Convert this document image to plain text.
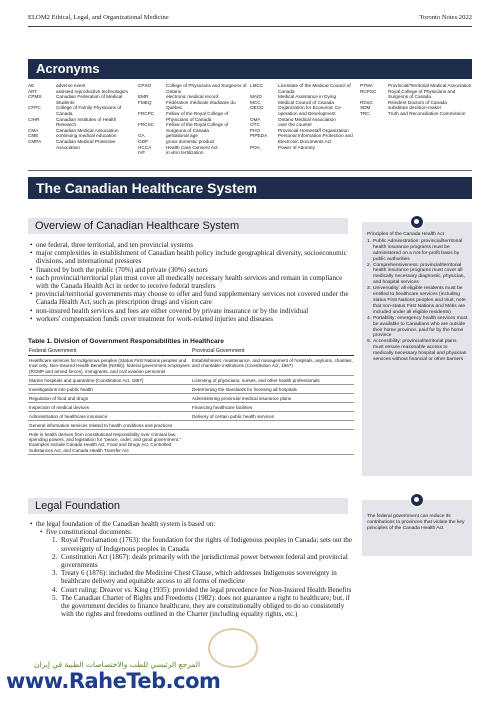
ELOM2 Ethical, Legal, and Organizational Medicine	Toronto Notes 2022
Acronyms
AE	adverse event
ART	assisted reproductive technologies
CPMS	Canadian Federation of Medical Students
CFPC	College of Family Physicians of Canada
CIHR	Canadian Institutes of Health Research
CMA	Canadian Medical Association
CME	continuing medical education
CMPA	Canadian Medical Protective Association
CPSO	College of Physicians and Surgeons of Ontario
EMR	electronic medical record
FMEQ	Fédération médicale étudiante du Québec
FRCPC	Fellow of the Royal College of Physicians of Canada
FRCSC	Fellow of the Royal College of Surgeons of Canada
GA	gestational age
GDP	gross domestic product
HCCA	Health Care Consent Act
IVF	in vitro fertilization
LMCC	Licentiate of the Medical Council of Canada
MAID	Medical Assistance in Dying
MCC	Medical Council of Canada
OECD	Organization for Economic Co-operation and Development
OMA	Ontario Medical Association
OTC	over the counter
PHO	Provincial Homestaff Organization
PIPEDA	Personal Information Protection and Electronic Documents Act
POA	Power of Attorney
PTMA	Provincial/Territorial Medical Association
RCPSC	Royal College of Physicians and Surgeons of Canada
RDoC	Resident Doctors of Canada
SDM	substitute decision-maker
TRC	Truth and Reconciliation Commission
The Canadian Healthcare System
Overview of Canadian Healthcare System
• one federal, three territorial, and ten provincial systems
• major complexities in establishment of Canadian health policy include geographical diversity, socioeconomic divisions, and international pressures
• financed by both the public (70%) and private (30%) sectors
• each provincial/territorial plan must cover all medically necessary health services and remain in compliance with the Canada Health Act in order to receive federal transfers
• provincial/territorial governments may choose to offer and fund supplementary services not covered under the Canada Health Act, such as prescription drugs and vision care
• non-insured health services and fees are either covered by private insurance or by the individual
• workers' compensation funds cover treatment for work-related injuries and diseases
Table 1. Division of Government Responsibilities in Healthcare
Federal Government	Provincial Government
Healthcare services for Indigenous peoples (Status First Nations peoples and Inuit only. Non-Insured Health Benefits (NIHB)), federal government employees (RCMP and armed forces), immigrants, and civil aviation personnel	Establishment, maintenance, and management of hospitals, asylums, charities, and charitable institutions (Constitution Act, 1867)
Marine hospitals and quarantine (Constitution Act, 1867)	Licensing of physicians, nurses, and other health professionals
Investigations into public health	Determining the standards for licensing all hospitals
Regulation of food and drugs	Administering provincial medical insurance plans
Inspection of medical devices	Financing healthcare facilities
Administration of healthcare insurance	Delivery of certain public health services
General information services related to health conditions and practices	
Role in health derives from constitutional responsibility over criminal law, spending powers, and legislation for "peace, order, and good government." Examples include Canada Health Act, Food and Drugs Act, Controlled Substances Act, and Canada Health Transfer Act	
Principles of the Canada Health Act
1. Public Administration: provincial/territorial health insurance programs must be administered on a not-for-profit basis by public authorities
2. Comprehensiveness: provincial/territorial health insurance programs must cover all medically necessary diagnostic, physician, and hospital services
3. Universality: all eligible residents must be entitled to healthcare services (including status First Nations peoples and Inuit; note that non-status First Nations and Métis are included under all eligible residents)
4. Portability: emergency health services must be available to Canadians who are outside their home province, paid for by the home province
5. Accessibility: provincial/territorial plans must ensure reasonable access to medically necessary hospital and physician services without financial or other barriers
Legal Foundation
• the legal foundation of the Canadian health system is based on:
• five constitutional documents:
1. Royal Proclamation (1763): the foundation for the rights of Indigenous peoples in Canada; sets out the sovereignty of Indigenous peoples in Canada
2. Constitution Act (1867): deals primarily with the jurisdictional power between federal and provincial governments
3. Treaty 6 (1876): included the Medicine Chest Clause, which addresses Indigenous sovereignty in healthcare delivery and equitable access to all forms of medicine
4. Court ruling: Dreaver vs. King (1935): provided the legal precedence for Non-Insured Health Benefits
5. The Canadian Charter of Rights and Freedoms (1982): does not guarantee a right to healthcare; but, if the government decides to finance healthcare, they are constitutionally obliged to do so consistently with the rights and freedoms outlined in the Charter (including equality rights, etc.)
The federal government can reduce its contributions to provinces that violate the key principles of the Canada Health Act
المرجع الرئيسي للطب والاختصاصات الطبية في إيران
www.RaheTeb.com
